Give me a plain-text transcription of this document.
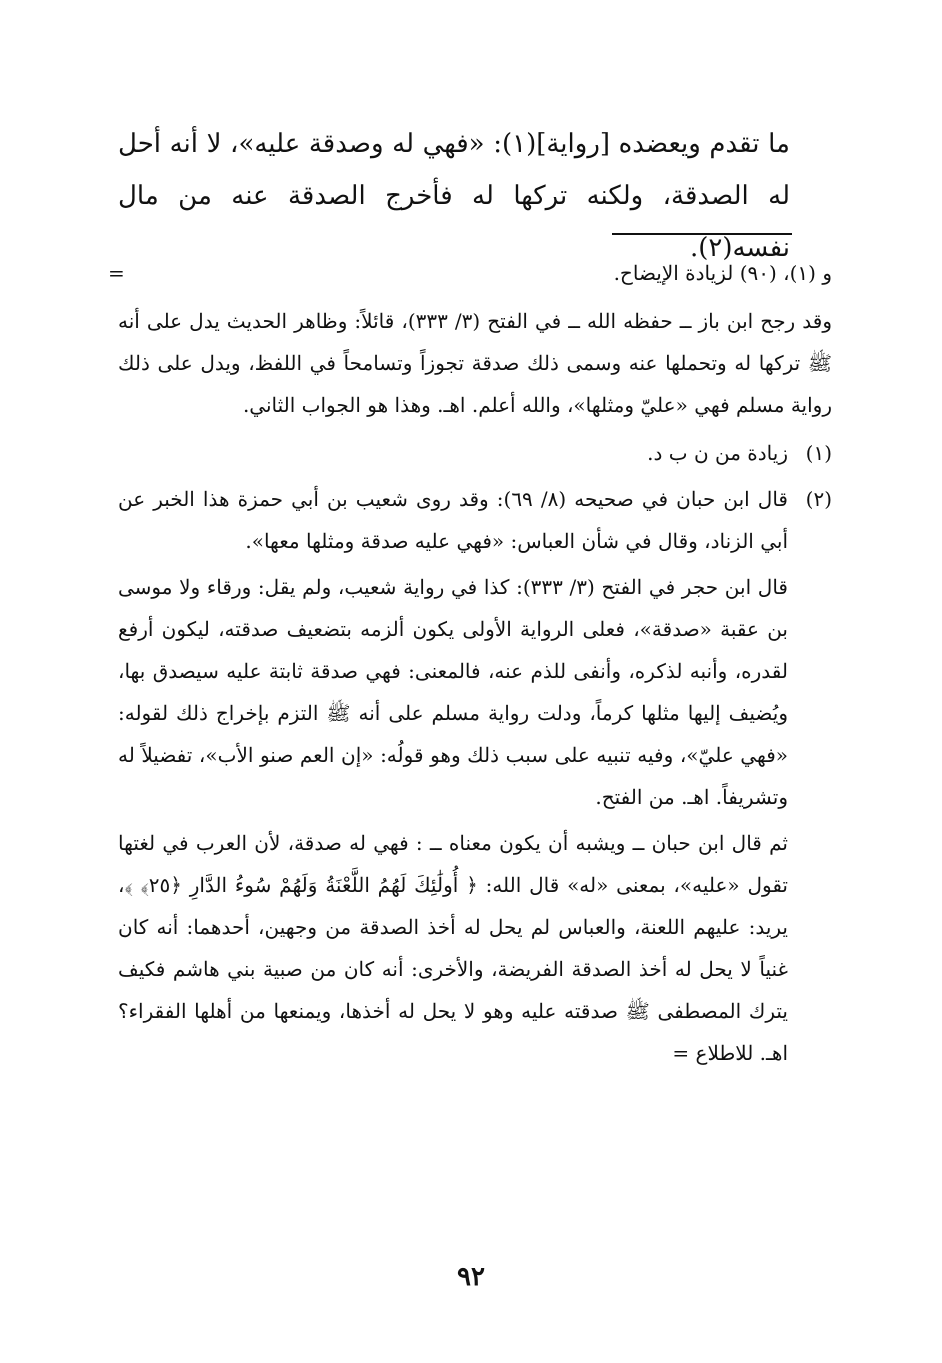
ما تقدم ويعضده [رواية](١): «فهي له وصدقة عليه»، لا أنه أحل له الصدقة، ولكنه تركها له فأخرج الصدقة عنه من مال نفسه(٢).

=	و (١)، (٩٠) لزيادة الإيضاح.
وقد رجح ابن باز ــ حفظه الله ــ في الفتح (٣/ ٣٣٣)، قائلاً: وظاهر الحديث يدل على أنه ﷺ تركها له وتحملها عنه وسمى ذلك صدقة تجوزاً وتسامحاً في اللفظ، ويدل على ذلك رواية مسلم فهي «عليّ ومثلها»، والله أعلم. اهـ. وهذا هو الجواب الثاني.
(١)

زيادة من ن ب د.

(٢)

قال ابن حبان في صحيحه (٨/ ٦٩): وقد روى شعيب بن أبي حمزة هذا الخبر عن أبي الزناد، وقال في شأن العباس: «فهي عليه صدقة ومثلها معها».

قال ابن حجر في الفتح (٣/ ٣٣٣): كذا في رواية شعيب، ولم يقل: ورقاء ولا موسى بن عقبة «صدقة»، فعلى الرواية الأولى يكون ألزمه بتضعيف صدقته، ليكون أرفع لقدره، وأنبه لذكره، وأنفى للذم عنه، فالمعنى: فهي صدقة ثابتة عليه سيصدق بها، ويُضيف إليها مثلها كرماً، ودلت رواية مسلم على أنه ﷺ التزم بإخراج ذلك لقوله: «فهي عليّ»، وفيه تنبيه على سبب ذلك وهو قولُه: «إن العم صنو الأب»، تفضيلاً له وتشريفاً. اهـ. من الفتح.

ثم قال ابن حبان ــ ويشبه أن يكون معناه ــ : فهي له صدقة، لأن العرب في لغتها تقول «عليه»، بمعنى «له» قال الله: ﴿ أُولَٰئِكَ لَهُمُ اللَّعْنَةُ وَلَهُمْ سُوءُ الدَّارِ ﴿٢٥﴾ ﴾، يريد: عليهم اللعنة، والعباس لم يحل له أخذ الصدقة من وجهين، أحدهما: أنه كان غنياً لا يحل له أخذ الصدقة الفريضة، والأخرى: أنه كان من صبية بني هاشم فكيف يترك المصطفى ﷺ صدقته عليه وهو لا يحل له أخذها، ويمنعها من أهلها الفقراء؟ اهـ. للاطلاع =

٩٢
